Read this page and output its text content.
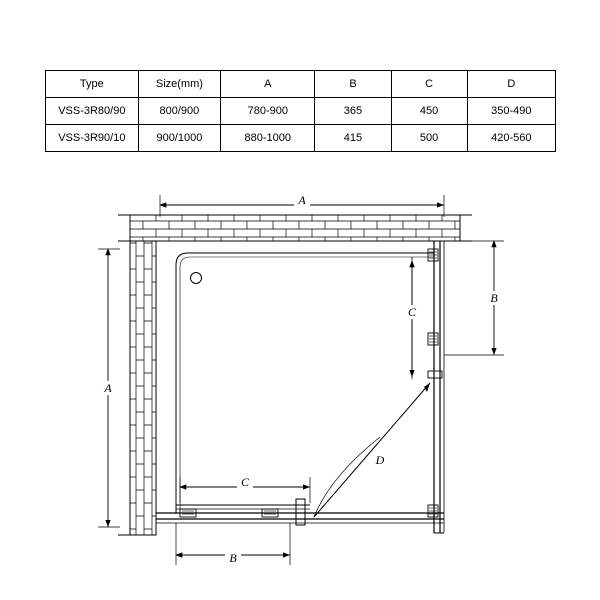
Type	Size(mm)	A	B	C	D
VSS-3R80/90	800/900	780-900	365	450	350-490
VSS-3R90/10	900/1000	880-1000	415	500	420-560
A
A
B
C
C
B
D
